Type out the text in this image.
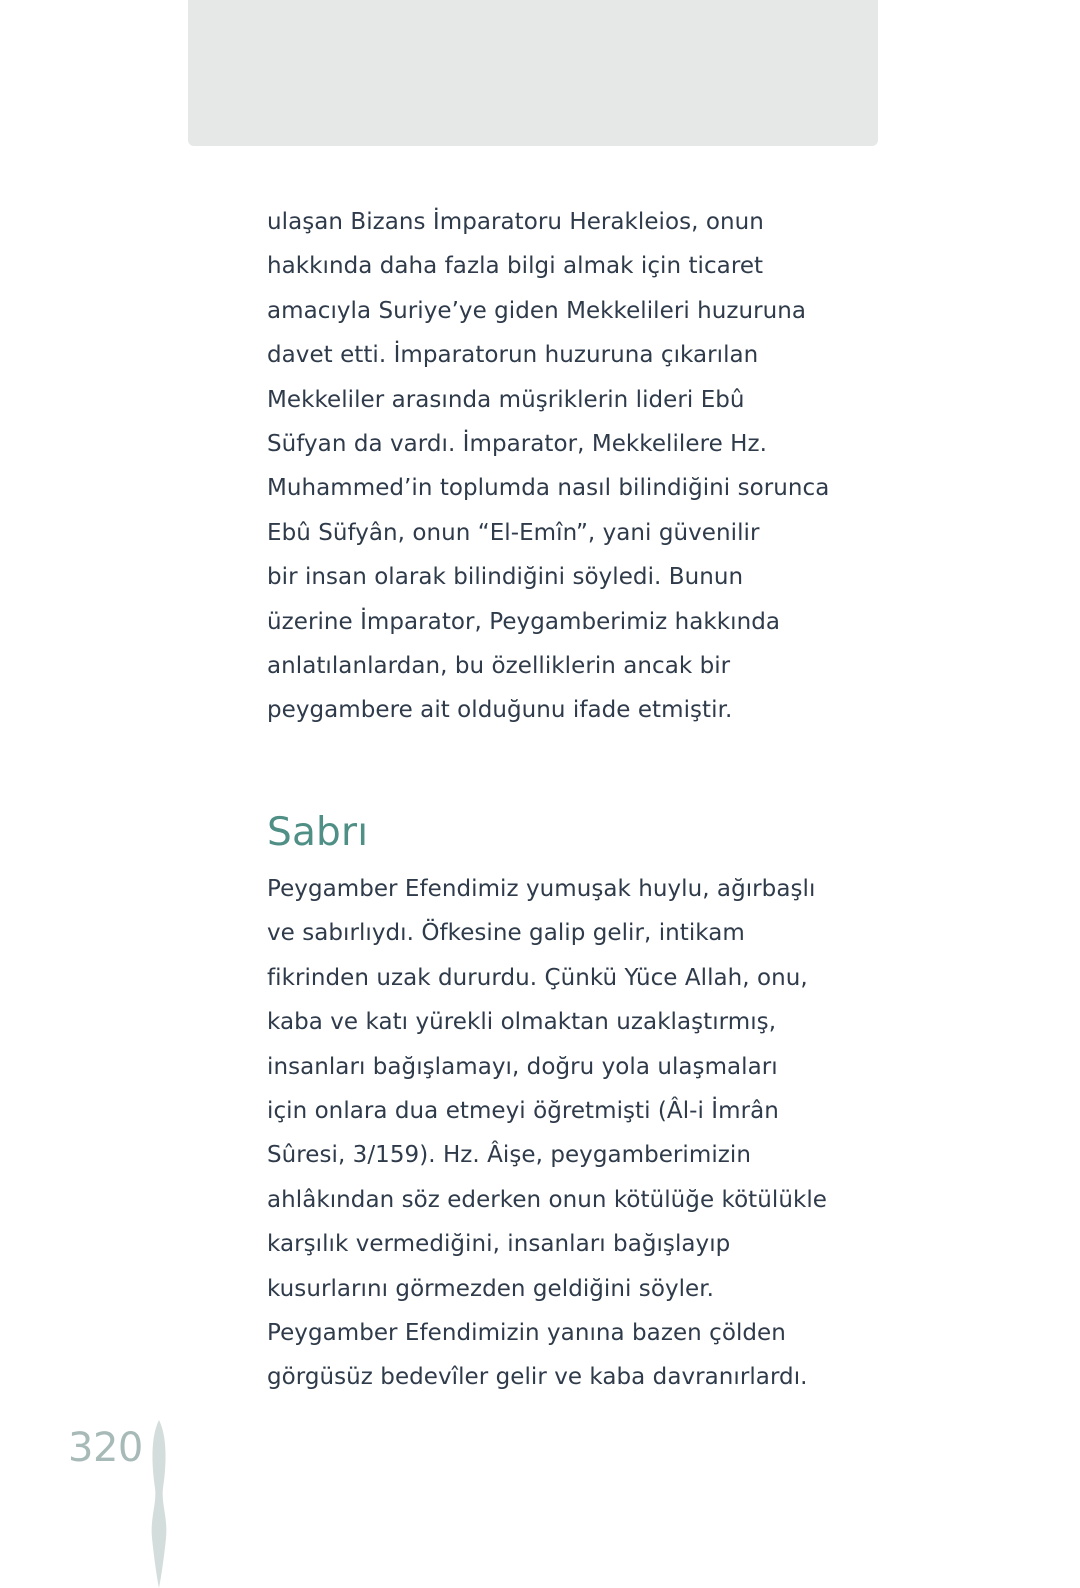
ulaşan Bizans İmparatoru Herakleios, onun
hakkında daha fazla bilgi almak için ticaret
amacıyla Suriye’ye giden Mekkelileri huzuruna
davet etti. İmparatorun huzuruna çıkarılan
Mekkeliler arasında müşriklerin lideri Ebû
Süfyan da vardı. İmparator, Mekkelilere Hz.
Muhammed’in toplumda nasıl bilindiğini sorunca
Ebû Süfyân, onun “El-Emîn”, yani güvenilir
bir insan olarak bilindiğini söyledi. Bunun
üzerine İmparator, Peygamberimiz hakkında
anlatılanlardan, bu özelliklerin ancak bir
peygambere ait olduğunu ifade etmiştir.

Sabrı

Peygamber Efendimiz yumuşak huylu, ağırbaşlı
ve sabırlıydı. Öfkesine galip gelir, intikam
fikrinden uzak dururdu. Çünkü Yüce Allah, onu,
kaba ve katı yürekli olmaktan uzaklaştırmış,
insanları bağışlamayı, doğru yola ulaşmaları
için onlara dua etmeyi öğretmişti (Âl-i İmrân
Sûresi, 3/159). Hz. Âişe, peygamberimizin
ahlâkından söz ederken onun kötülüğe kötülükle
karşılık vermediğini, insanları bağışlayıp
kusurlarını görmezden geldiğini söyler.
Peygamber Efendimizin yanına bazen çölden
görgüsüz bedevîler gelir ve kaba davranırlardı.

320
